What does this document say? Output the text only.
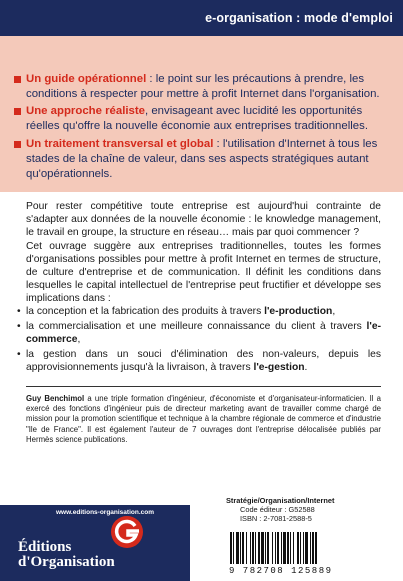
e-organisation : mode d'emploi
Un guide opérationnel : le point sur les précautions à prendre, les conditions à respecter pour mettre à profit Internet dans l'organisation.
Une approche réaliste, envisageant avec lucidité les opportunités réelles qu'offre la nouvelle économie aux entreprises traditionnelles.
Un traitement transversal et global : l'utilisation d'Internet à tous les stades de la chaîne de valeur, dans ses aspects stratégiques autant qu'opérationnels.

Pour rester compétitive toute entreprise est aujourd'hui contrainte de s'adapter aux données de la nouvelle économie : le knowledge management, le travail en groupe, la structure en réseau… mais par quoi commencer ?

Cet ouvrage suggère aux entreprises traditionnelles, toutes les formes d'organisations possibles pour mettre à profit Internet en termes de structure, de culture d'entreprise et de communication. Il définit les conditions dans lesquelles le capital intellectuel de l'entreprise peut fructifier et développe ses implications dans :

• la conception et la fabrication des produits à travers l'e-production,
• la commercialisation et une meilleure connaissance du client à travers l'e-commerce,
• la gestion dans un souci d'élimination des non-valeurs, depuis les approvisionnements jusqu'à la livraison, à travers l'e-gestion.

Guy Benchimol a une triple formation d'ingénieur, d'économiste et d'organisateur-informaticien. Il a exercé des fonctions d'ingénieur puis de directeur marketing avant de travailler comme chargé de mission pour la promotion scientifique et technique à la chambre régionale de commerce et d'industrie "Ile de France". Il est également l'auteur de 7 ouvrages dont l'entreprise délocalisée publiés par Hermès science publications.

www.editions-organisation.com
Éditions
d'Organisation
Stratégie/Organisation/Internet
Code éditeur : G52588
ISBN : 2-7081-2588-5
9 782708 125889
